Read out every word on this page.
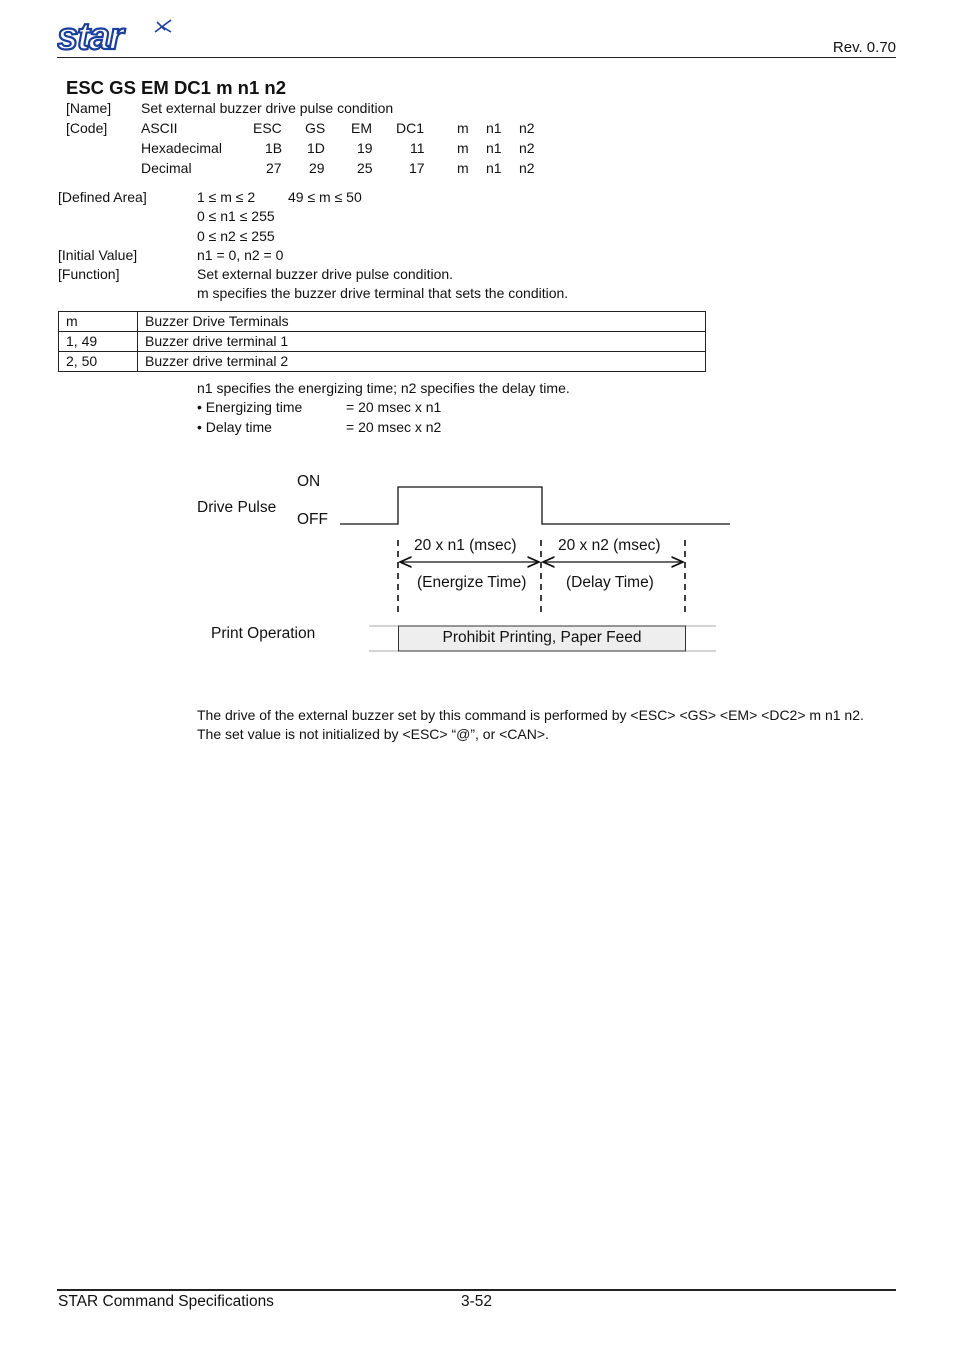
star	Rev. 0.70
ESC GS EM DC1 m n1 n2
[Name] Set external buzzer drive pulse condition
[Code] ASCII	ESC GS EM DC1 m n1 n2
Hexadecimal	1B 1D 19	11 m n1 n2
Decimal	27 29 25	17 m n1 n2
[Defined Area]	1 ≤ m ≤ 2 49 ≤ m ≤ 50
0 ≤ n1 ≤ 255
0 ≤ n2 ≤ 255
[Initial Value]	n1 = 0, n2 = 0
[Function]	Set external buzzer drive pulse condition.
m specifies the buzzer drive terminal that sets the condition.
m	Buzzer Drive Terminals
1, 49	Buzzer drive terminal 1
2, 50	Buzzer drive terminal 2
n1 specifies the energizing time; n2 specifies the delay time.
• Energizing time	= 20 msec x n1
• Delay time	= 20 msec x n2
Drive Pulse
ON
OFF
20 x n1 (msec)	20 x n2 (msec)
(Energize Time)	(Delay Time)
Print Operation	Prohibit Printing, Paper Feed
The drive of the external buzzer set by this command is performed by <ESC> <GS> <EM> <DC2> m n1 n2.
The set value is not initialized by <ESC> “@”, or <CAN>.
STAR Command Specifications	3-52
